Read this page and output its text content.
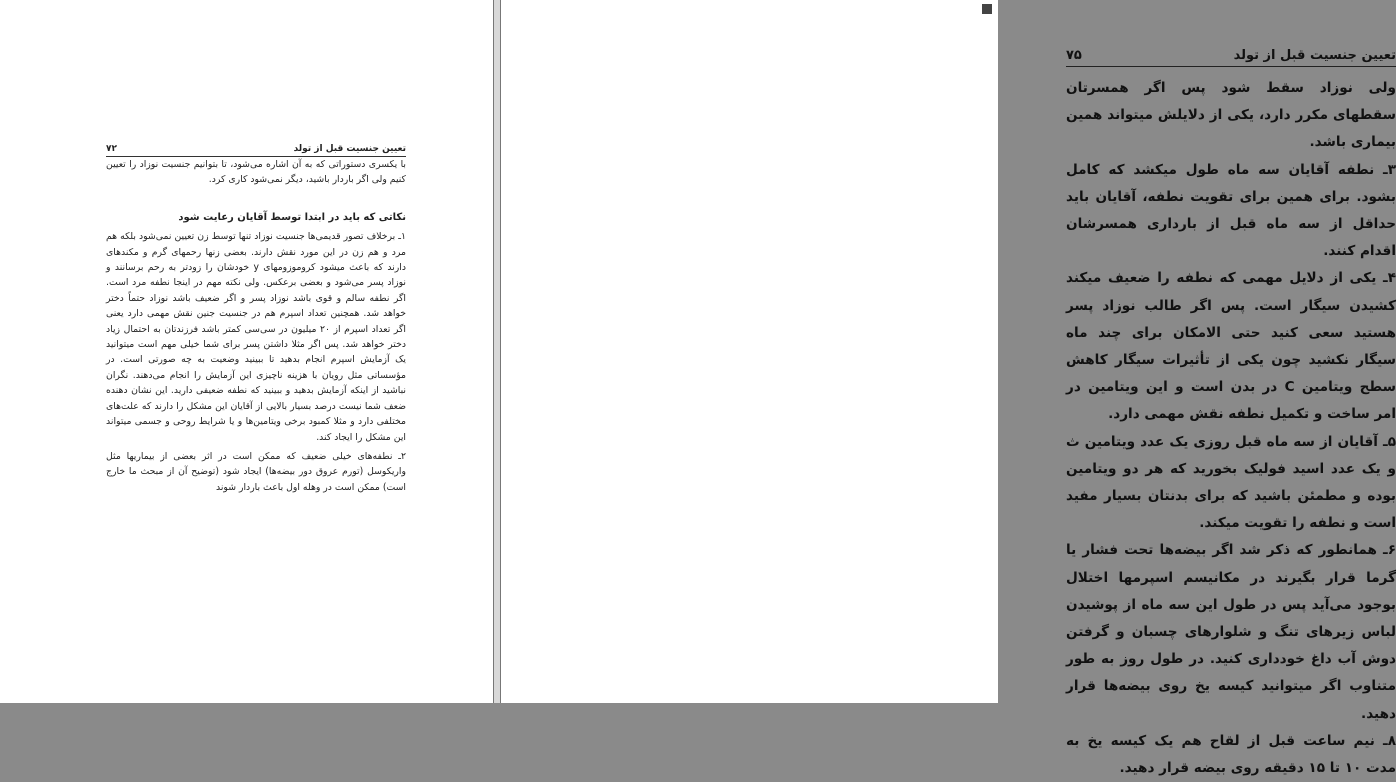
تعیین جنسیت قبل از تولد
۷۲

با یکسری دستوراتی که به آن اشاره می‌شود، تا بتوانیم جنسیت نوزاد را تعیین کنیم ولی اگر باردار باشید، دیگر نمی‌شود کاری کرد.

نکاتی که باید در ابتدا توسط آقایان رعایت شود

۱ـ برخلاف تصور قدیمی‌ها جنسیت نوزاد تنها توسط زن تعیین نمی‌شود بلکه هم مرد و هم زن در این مورد نقش دارند. بعضی زنها رحمهای گرم و مکندهای دارند که باعث میشود کروموزومهای y خودشان را زودتر به رحم برسانند و نوزاد پسر می‌شود و بعضی برعکس. ولی نکته مهم در اینجا نطفه مرد است. اگر نطفه سالم و قوی باشد نوزاد پسر و اگر ضعیف باشد نوزاد حتماً دختر خواهد شد. همچنین تعداد اسپرم هم در جنسیت جنین نقش مهمی دارد یعنی اگر تعداد اسپرم از ۲۰ میلیون در سی‌سی کمتر باشد فرزندتان به احتمال زیاد دختر خواهد شد. پس اگر مثلا داشتن پسر برای شما خیلی مهم است میتوانید یک آزمایش اسپرم انجام بدهید تا ببینید وضعیت به چه صورتی است. در مؤسساتی مثل رویان با هزینه ناچیزی این آزمایش را انجام می‌دهند. نگران نباشید از اینکه آزمایش بدهید و ببینید که نطفه ضعیفی دارید. این نشان دهنده ضعف شما نیست درصد بسیار بالایی از آقایان این مشکل را دارند که علت‌های مختلفی دارد و مثلا کمبود برخی ویتامین‌ها و یا شرایط روحی و جسمی میتواند این مشکل را ایجاد کند.

۲ـ نطفه‌های خیلی ضعیف که ممکن است در اثر بعضی از بیماریها مثل واریکوسل (تورم عروق دور بیضه‌ها) ایجاد شود (توضیح آن از مبحث ما خارج است) ممکن است در وهله اول باعث باردار شوند

تعیین جنسیت قبل از تولد
۷۵

ولی نوزاد سقط شود پس اگر همسرتان سقطهای مکرر دارد، یکی از دلایلش میتواند همین بیماری باشد.

۳ـ نطفه آقایان سه ماه طول میکشد که کامل بشود. برای همین برای تقویت نطفه، آقایان باید حداقل از سه ماه قبل از بارداری همسرشان اقدام کنند.

۴ـ یکی از دلایل مهمی که نطفه را ضعیف میکند کشیدن سیگار است. پس اگر طالب نوزاد پسر هستید سعی کنید حتی الامکان برای چند ماه سیگار نکشید چون یکی از تأثیرات سیگار کاهش سطح ویتامین C در بدن است و این ویتامین در امر ساخت و تکمیل نطفه نقش مهمی دارد.

۵ـ آقایان از سه ماه قبل روزی یک عدد ویتامین ث و یک عدد اسید فولیک بخورید که هر دو ویتامین بوده و مطمئن باشید که برای بدنتان بسیار مفید است و نطفه را تقویت میکند.

۶ـ همانطور که ذکر شد اگر بیضه‌ها تحت فشار یا گرما قرار بگیرند در مکانیسم اسپرمها اختلال بوجود می‌آید پس در طول این سه ماه از پوشیدن لباس زیرهای تنگ و شلوارهای چسبان و گرفتن دوش آب داغ خودداری کنید. در طول روز به طور متناوب اگر میتوانید کیسه یخ روی بیضه‌ها قرار دهید.

۸ـ نیم ساعت قبل از لقاح هم یک کیسه یخ به مدت ۱۰ تا ۱۵ دقیقه روی بیضه قرار دهید.
